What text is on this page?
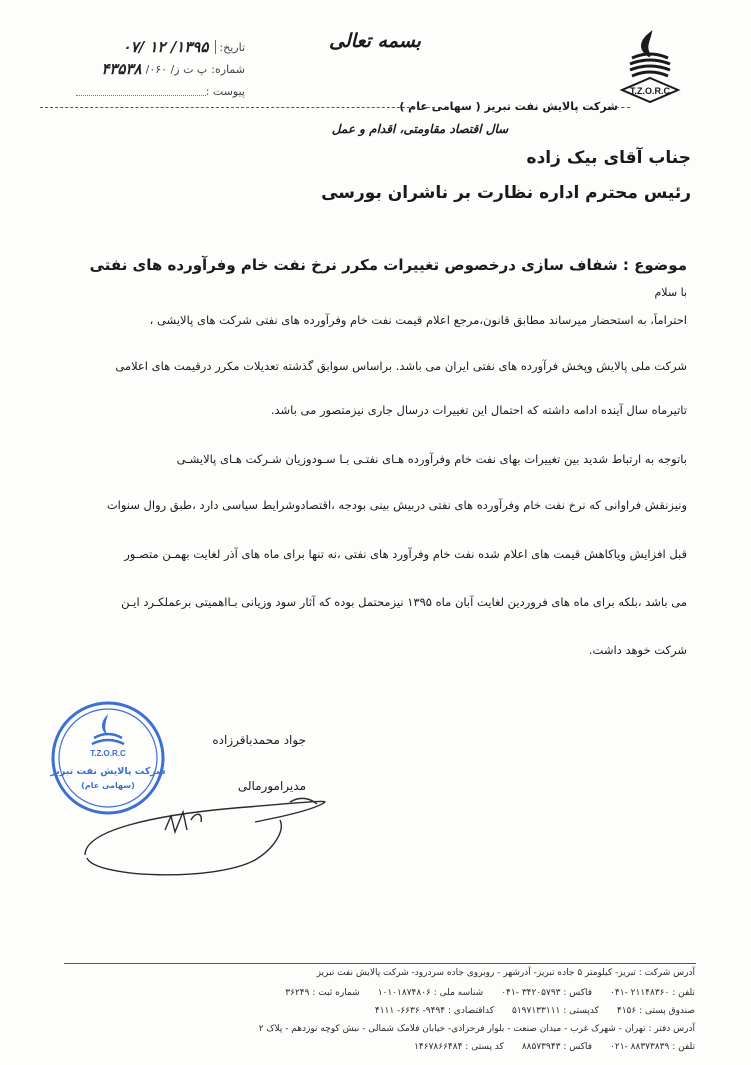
T.Z.O.R.C
شرکت پالایش نفت تبریز ( سهامی عام )
بسمه تعالی
تاریخ:
۱۳۹۵/ ۱۲ /۰۷
شماره:
پ ت ز/ ۰۶۰/
۴۳۵۳۸
پیوست :
سال اقتصاد مقاومتی، اقدام و عمل
جناب آقای بیک زاده
رئیس محترم اداره نظارت بر ناشران بورسی
موضوع : شفاف سازی درخصوص تغییرات مکرر نرخ نفت خام وفرآورده های نفتی
با سلام
احتراماً، به استحضار میرساند مطابق قانون،مرجع اعلام قیمت نفت خام وفرآورده های نفتی شرکت های پالایشی ،
شرکت ملی پالایش وپخش فرآورده های نفتی ایران می باشد. براساس سوابق گذشته تعدیلات مکرر درقیمت های اعلامی
تاتیرماه سال آینده ادامه داشته که احتمال این تغییرات درسال جاری نیزمتصور می باشد.
باتوجه به ارتباط شدید بین تغییرات بهای نفت خام وفرآورده هـای نفتـی بـا سـودوزیان شـرکت هـای پالایشـی
ونیزنقش فراوانی که نرخ نفت خام وفرآورده های نفتی دربیش بینی بودجه ،اقتصادوشرایط سیاسی دارد ،طبق روال سنوات
قبل افزایش ویاکاهش قیمت های اعلام شده نفت خام وفرآورد های نفتی ،نه تنها برای ماه های آذر لغایت بهمـن متصـور
می باشد ،بلکه برای ماه های فروردین لغایت آبان ماه ۱۳۹۵ نیزمحتمل بوده که آثار سود وزیانی بـااهمیتی برعملکـرد ایـن
شرکت خوهد داشت.
جواد محمدباقرزاده
مدیرامورمالی
T.Z.O.R.C
شرکت پالایش نفت تبریز
(سهامی عام)
آدرس شرکت : تبریز- کیلومتر ۵ جاده تبریز- آذرشهر - روبروی جاده سردرود- شرکت پالایش نفت تبریز
تلفن : ۲۱۱۴۸۳۶۰ -۰۴۱
فاکس : ۳۴۲۰۵۷۹۳ -۰۴۱
شناسه ملی : ۱۰۱۰۱۸۷۴۸۰۶
شماره ثبت : ۳۶۲۴۹
صندوق پستی : ۴۱۵۶
کدپستی : ۵۱۹۷۱۳۳۱۱۱
کداقتصادی : ۹۴۹۴- ۶۶۳۶- ۴۱۱۱
آدرس دفتر : تهران - شهرک غرب - میدان صنعت - بلوار فرحزادی- خیابان فلامک شمالی - نبش کوچه نوزدهم - پلاک ۲
تلفن : ۸۸۳۷۳۸۳۹ -۰۲۱
فاکس : ۸۸۵۷۳۹۴۳
کد پستی : ۱۴۶۷۸۶۶۴۸۴
